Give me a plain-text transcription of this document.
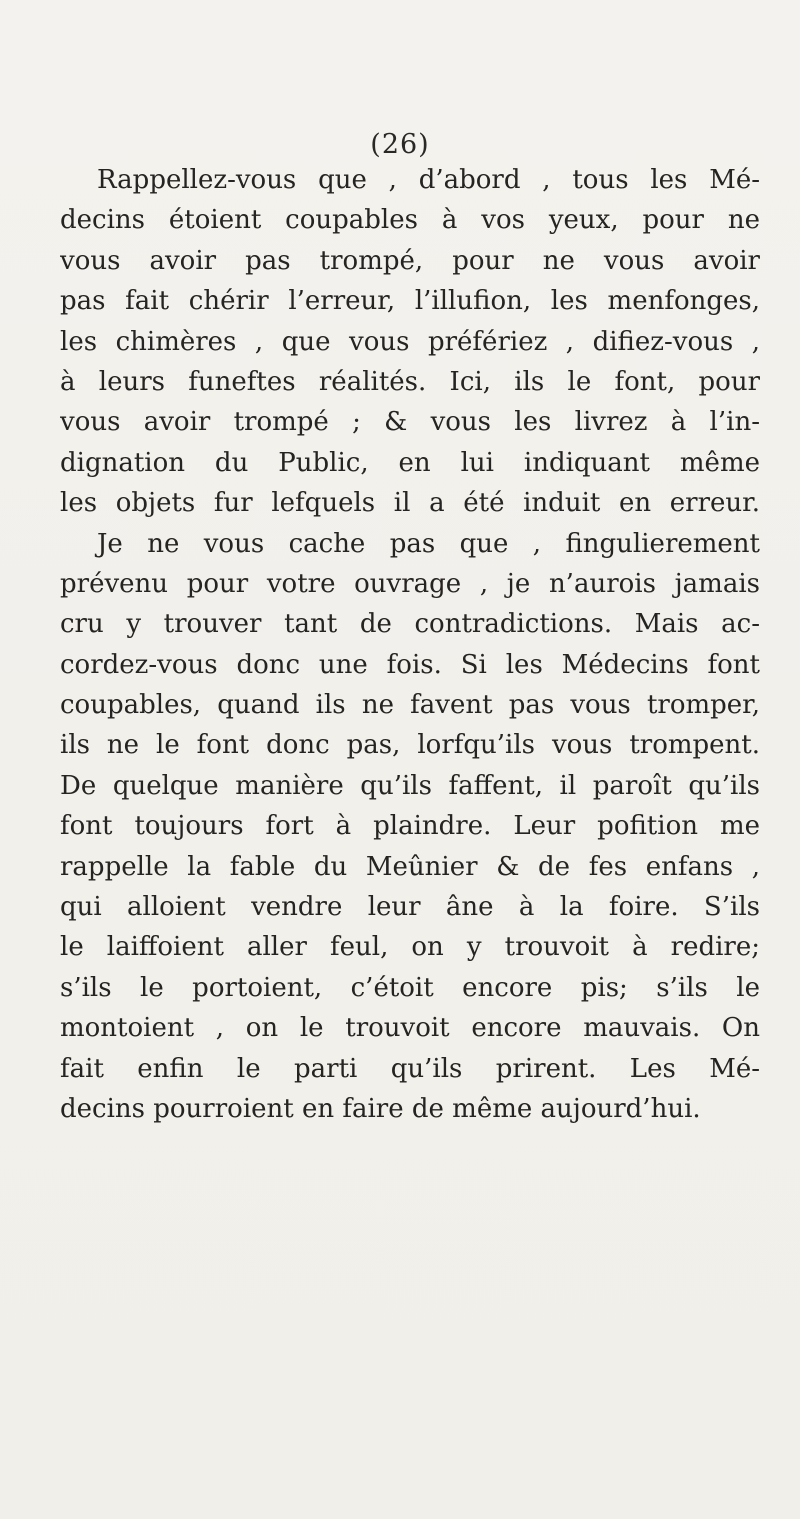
(26)
Rappellez-vous que , d’abord , tous les Mé-
decins étoient coupables à vos yeux, pour ne
vous avoir pas trompé, pour ne vous avoir
pas fait chérir l’erreur, l’illufion, les menfonges,
les chimères , que vous préfériez , difiez-vous ,
à leurs funeftes réalités. Ici, ils le font, pour
vous avoir trompé ; & vous les livrez à l’in-
dignation du Public, en lui indiquant même
les objets fur lefquels il a été induit en erreur.
Je ne vous cache pas que , fingulierement
prévenu pour votre ouvrage , je n’aurois jamais
cru y trouver tant de contradictions. Mais ac-
cordez-vous donc une fois. Si les Médecins font
coupables, quand ils ne favent pas vous tromper,
ils ne le font donc pas, lorfqu’ils vous trompent.
De quelque manière qu’ils faffent, il paroît qu’ils
font toujours fort à plaindre. Leur pofition me
rappelle la fable du Meûnier & de fes enfans ,
qui alloient vendre leur âne à la foire. S’ils
le laiffoient aller feul, on y trouvoit à redire;
s’ils le portoient, c’étoit encore pis; s’ils le
montoient , on le trouvoit encore mauvais. On
fait enfin le parti qu’ils prirent. Les Mé-
decins pourroient en faire de même aujourd’hui.
